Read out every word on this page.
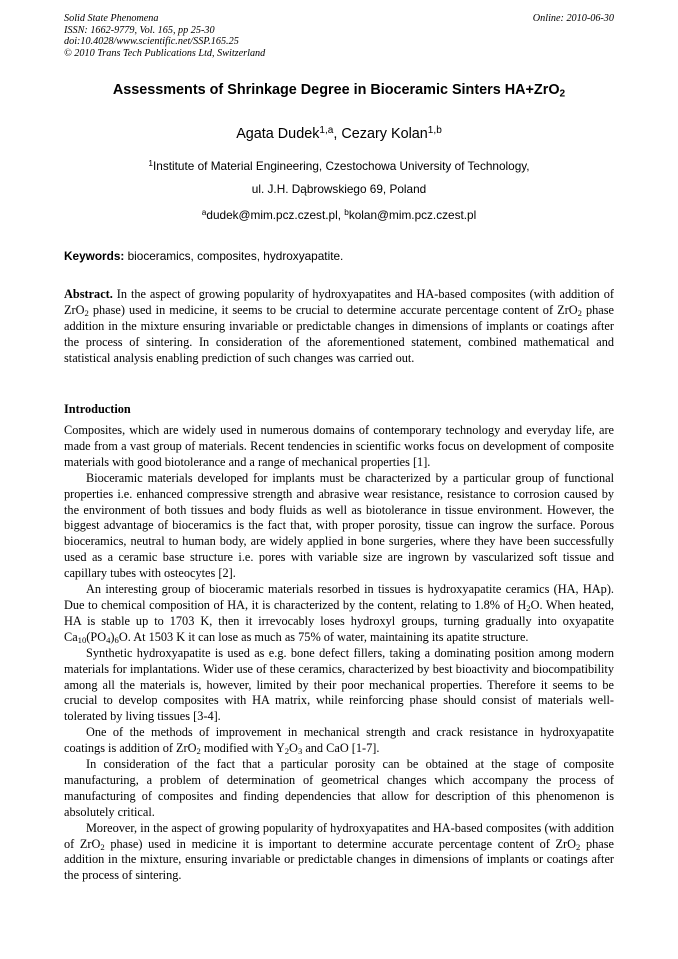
Solid State Phenomena
ISSN: 1662-9779, Vol. 165, pp 25-30
doi:10.4028/www.scientific.net/SSP.165.25
© 2010 Trans Tech Publications Ltd, Switzerland
Online: 2010-06-30
Assessments of Shrinkage Degree in Bioceramic Sinters HA+ZrO$_2$
Agata Dudek$^{1,a}$, Cezary Kolan$^{1,b}$
$^1$Institute of Material Engineering, Czestochowa University of Technology,
ul. J.H. Dąbrowskiego 69, Poland
$^a$dudek@mim.pcz.czest.pl, $^b$kolan@mim.pcz.czest.pl
Keywords: bioceramics, composites, hydroxyapatite.
Abstract. In the aspect of growing popularity of hydroxyapatites and HA-based composites (with addition of ZrO$_2$ phase) used in medicine, it seems to be crucial to determine accurate percentage content of ZrO$_2$ phase addition in the mixture ensuring invariable or predictable changes in dimensions of implants or coatings after the process of sintering. In consideration of the aforementioned statement, combined mathematical and statistical analysis enabling prediction of such changes was carried out.
Introduction

Composites, which are widely used in numerous domains of contemporary technology and everyday life, are made from a vast group of materials. Recent tendencies in scientific works focus on development of composite materials with good biotolerance and a range of mechanical properties [1].

Bioceramic materials developed for implants must be characterized by a particular group of functional properties i.e. enhanced compressive strength and abrasive wear resistance, resistance to corrosion caused by the environment of both tissues and body fluids as well as biotolerance in tissue environment. However, the biggest advantage of bioceramics is the fact that, with proper porosity, tissue can ingrow the surface. Porous bioceramics, neutral to human body, are widely applied in bone surgeries, where they have been successfully used as a ceramic base structure i.e. pores with variable size are ingrown by vascularized soft tissue and capillary tubes with osteocytes [2].

An interesting group of bioceramic materials resorbed in tissues is hydroxyapatite ceramics (HA, HAp). Due to chemical composition of HA, it is characterized by the content, relating to 1.8% of $H_2O$. When heated, HA is stable up to 1703 K, then it irrevocably loses hydroxyl groups, turning gradually into oxyapatite $Ca_{10}(PO_4)_6O$. At 1503 K it can lose as much as 75% of water, maintaining its apatite structure.

Synthetic hydroxyapatite is used as e.g. bone defect fillers, taking a dominating position among modern materials for implantations. Wider use of these ceramics, characterized by best bioactivity and biocompatibility among all the materials is, however, limited by their poor mechanical properties. Therefore it seems to be crucial to develop composites with HA matrix, while reinforcing phase should consist of materials well-tolerated by living tissues [3-4].

One of the methods of improvement in mechanical strength and crack resistance in hydroxyapatite coatings is addition of ZrO$_2$ modified with $Y_2O_3$ and CaO [1-7].

In consideration of the fact that a particular porosity can be obtained at the stage of composite manufacturing, a problem of determination of geometrical changes which accompany the process of manufacturing of composites and finding dependencies that allow for description of this phenomenon is absolutely critical.

Moreover, in the aspect of growing popularity of hydroxyapatites and HA-based composites (with addition of ZrO$_2$ phase) used in medicine it is important to determine accurate percentage content of ZrO$_2$ phase addition in the mixture, ensuring invariable or predictable changes in dimensions of implants or coatings after the process of sintering.
